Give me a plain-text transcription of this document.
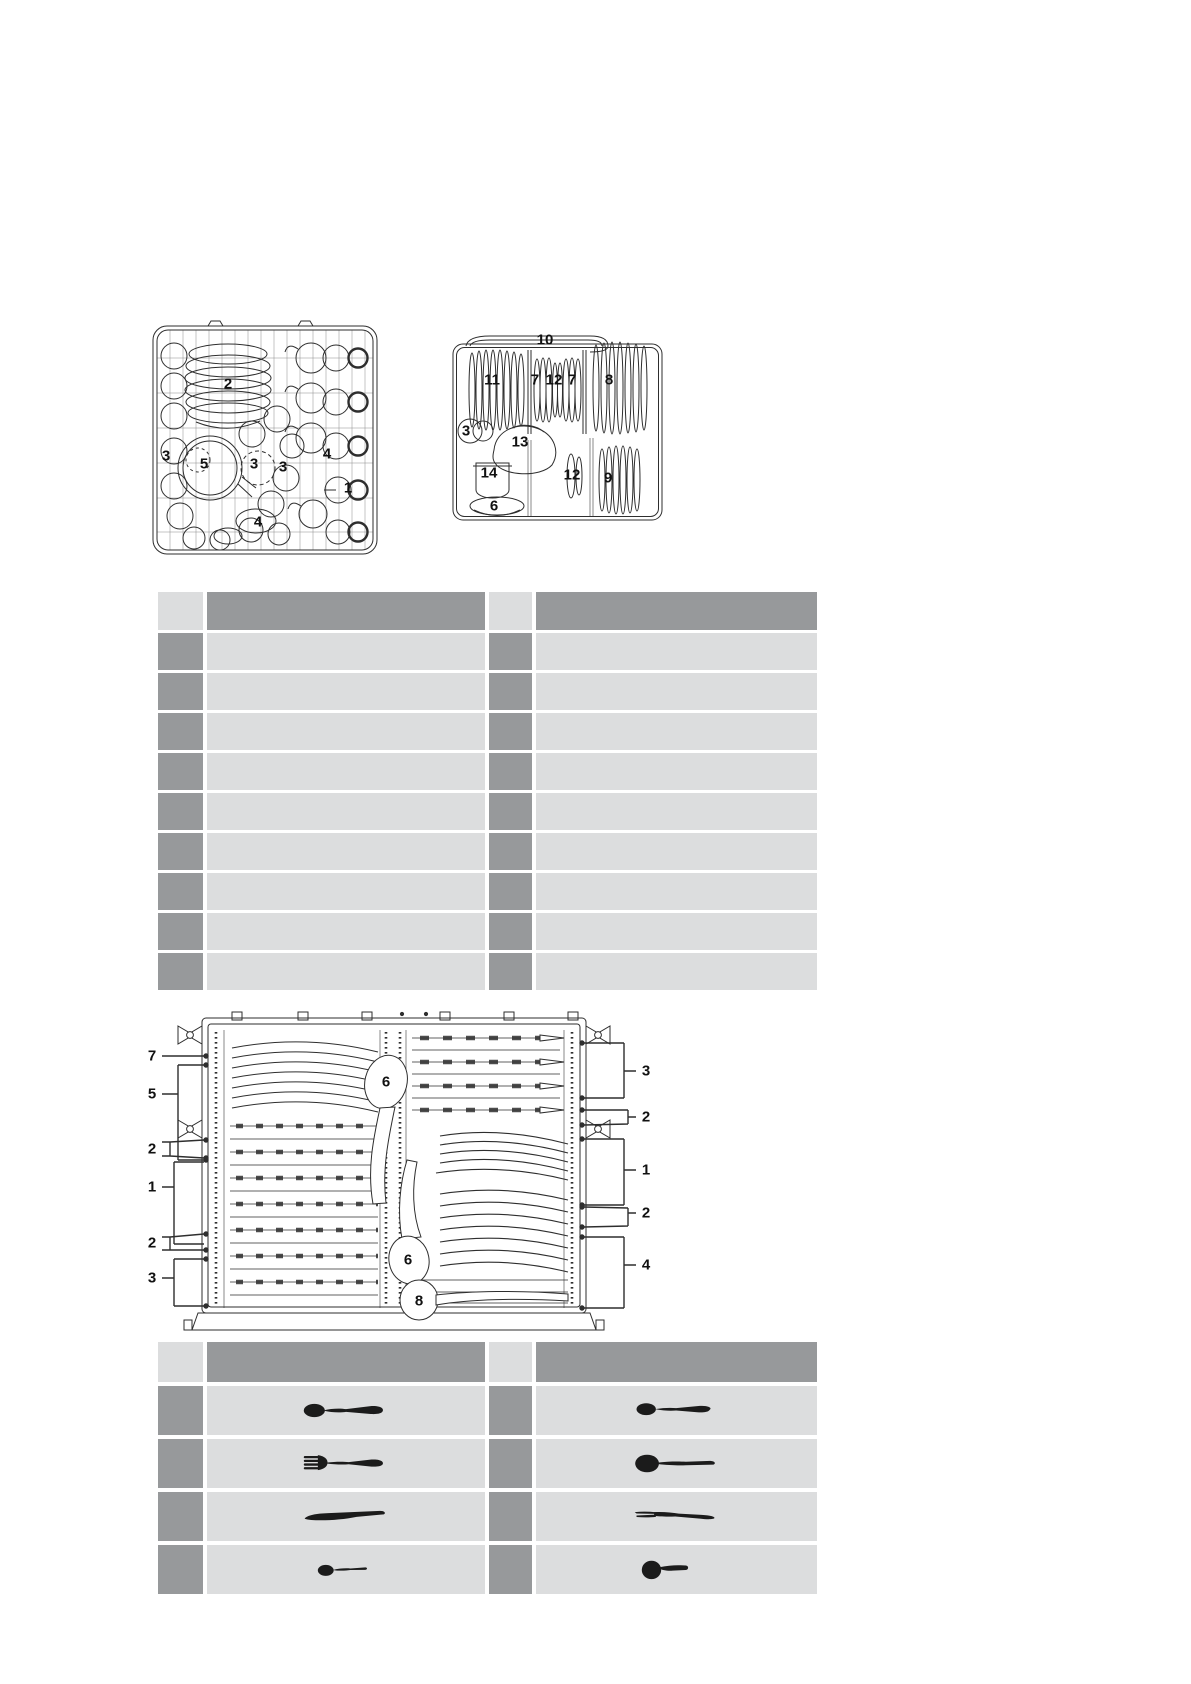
2
3 5	3 3
4
1
4
10
11 7 12 7 8
3
13
14	12 9
6
7
5
2
1
2
3
3
2
1
2
4
6
6
8
